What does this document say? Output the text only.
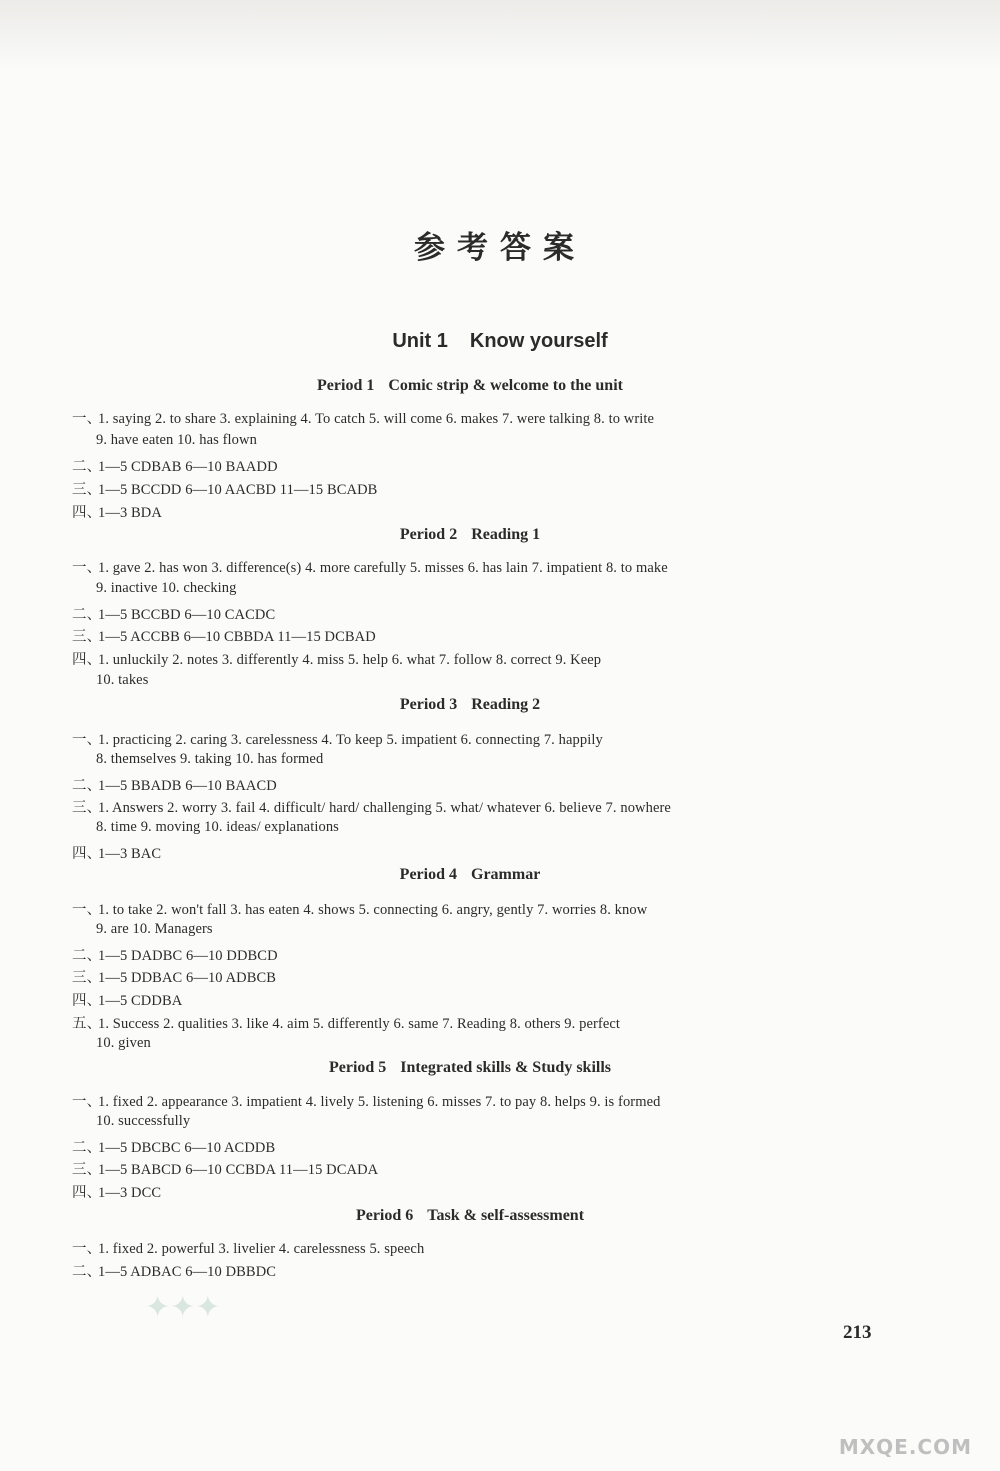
参考答案
Unit 1 Know yourself
Period 1 Comic strip & welcome to the unit
一、1. saying 2. to share 3. explaining 4. To catch 5. will come 6. makes 7. were talking 8. to write
9. have eaten 10. has flown
二、1—5 CDBAB 6—10 BAADD
三、1—5 BCCDD 6—10 AACBD 11—15 BCADB
四、1—3 BDA
Period 2 Reading 1
一、1. gave 2. has won 3. difference(s) 4. more carefully 5. misses 6. has lain 7. impatient 8. to make
9. inactive 10. checking
二、1—5 BCCBD 6—10 CACDC
三、1—5 ACCBB 6—10 CBBDA 11—15 DCBAD
四、1. unluckily 2. notes 3. differently 4. miss 5. help 6. what 7. follow 8. correct 9. Keep
10. takes
Period 3 Reading 2
一、1. practicing 2. caring 3. carelessness 4. To keep 5. impatient 6. connecting 7. happily
8. themselves 9. taking 10. has formed
二、1—5 BBADB 6—10 BAACD
三、1. Answers 2. worry 3. fail 4. difficult/ hard/ challenging 5. what/ whatever 6. believe 7. nowhere
8. time 9. moving 10. ideas/ explanations
四、1—3 BAC
Period 4 Grammar
一、1. to take 2. won't fall 3. has eaten 4. shows 5. connecting 6. angry, gently 7. worries 8. know
9. are 10. Managers
二、1—5 DADBC 6—10 DDBCD
三、1—5 DDBAC 6—10 ADBCB
四、1—5 CDDBA
五、1. Success 2. qualities 3. like 4. aim 5. differently 6. same 7. Reading 8. others 9. perfect
10. given
Period 5 Integrated skills & Study skills
一、1. fixed 2. appearance 3. impatient 4. lively 5. listening 6. misses 7. to pay 8. helps 9. is formed
10. successfully
二、1—5 DBCBC 6—10 ACDDB
三、1—5 BABCD 6—10 CCBDA 11—15 DCADA
四、1—3 DCC
Period 6 Task & self-assessment
一、1. fixed 2. powerful 3. livelier 4. carelessness 5. speech
二、1—5 ADBAC 6—10 DBBDC
213
✦✦✦
MXQE.COM
